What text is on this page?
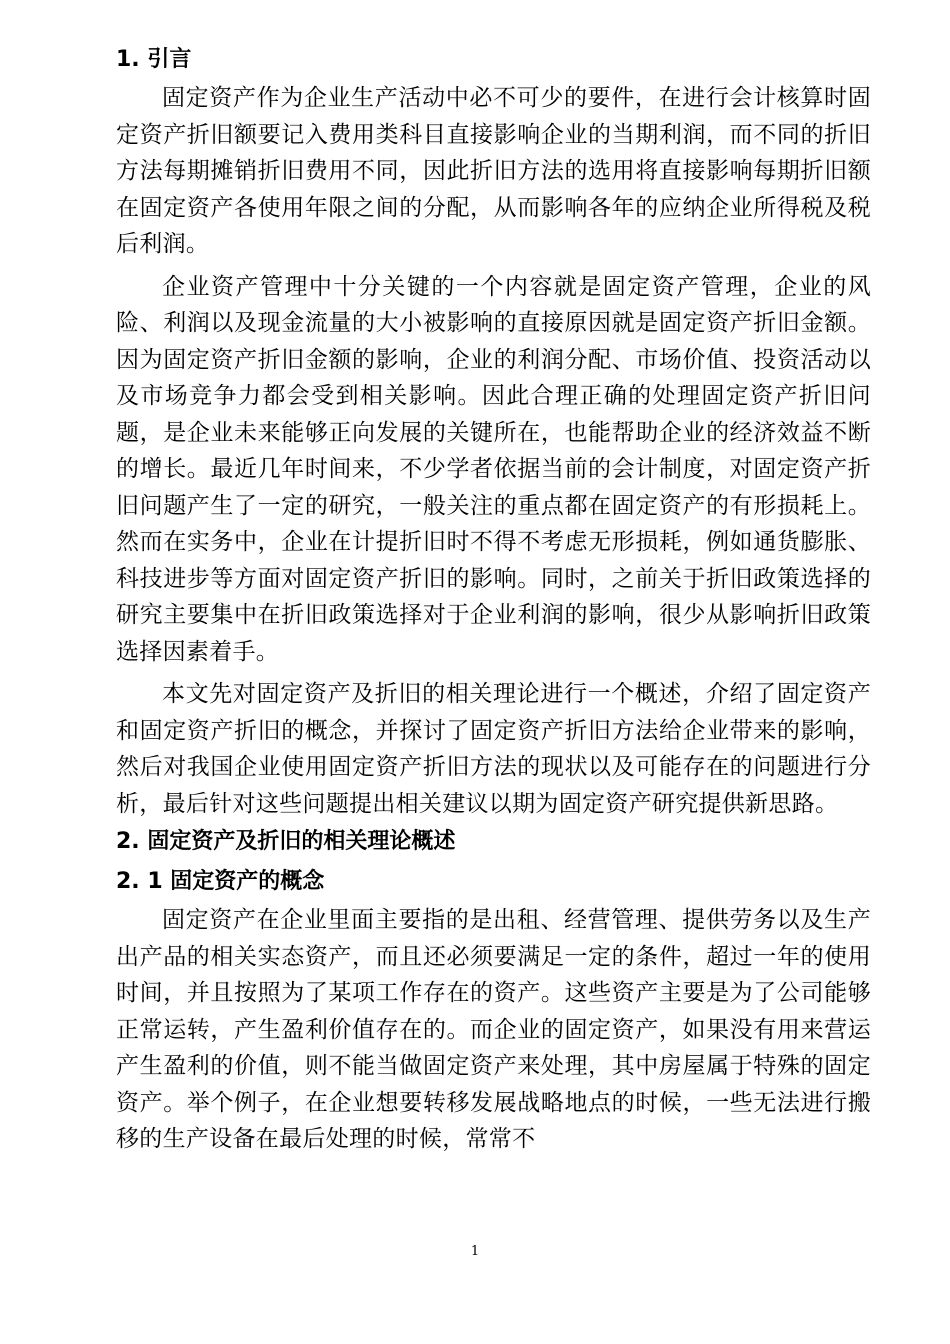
1. 引言

固定资产作为企业生产活动中必不可少的要件，在进行会计核算时固定资产折旧额要记入费用类科目直接影响企业的当期利润，而不同的折旧方法每期摊销折旧费用不同，因此折旧方法的选用将直接影响每期折旧额在固定资产各使用年限之间的分配，从而影响各年的应纳企业所得税及税后利润。

企业资产管理中十分关键的一个内容就是固定资产管理，企业的风险、利润以及现金流量的大小被影响的直接原因就是固定资产折旧金额。因为固定资产折旧金额的影响，企业的利润分配、市场价值、投资活动以及市场竞争力都会受到相关影响。因此合理正确的处理固定资产折旧问题，是企业未来能够正向发展的关键所在，也能帮助企业的经济效益不断的增长。最近几年时间来，不少学者依据当前的会计制度，对固定资产折旧问题产生了一定的研究，一般关注的重点都在固定资产的有形损耗上。然而在实务中，企业在计提折旧时不得不考虑无形损耗，例如通货膨胀、科技进步等方面对固定资产折旧的影响。同时，之前关于折旧政策选择的研究主要集中在折旧政策选择对于企业利润的影响，很少从影响折旧政策选择因素着手。

本文先对固定资产及折旧的相关理论进行一个概述，介绍了固定资产和固定资产折旧的概念，并探讨了固定资产折旧方法给企业带来的影响，然后对我国企业使用固定资产折旧方法的现状以及可能存在的问题进行分析，最后针对这些问题提出相关建议以期为固定资产研究提供新思路。

2. 固定资产及折旧的相关理论概述
2. 1 固定资产的概念

固定资产在企业里面主要指的是出租、经营管理、提供劳务以及生产出产品的相关实态资产，而且还必须要满足一定的条件，超过一年的使用时间，并且按照为了某项工作存在的资产。这些资产主要是为了公司能够正常运转，产生盈利价值存在的。而企业的固定资产，如果没有用来营运产生盈利的价值，则不能当做固定资产来处理，其中房屋属于特殊的固定资产。举个例子，在企业想要转移发展战略地点的时候，一些无法进行搬移的生产设备在最后处理的时候，常常不

1
